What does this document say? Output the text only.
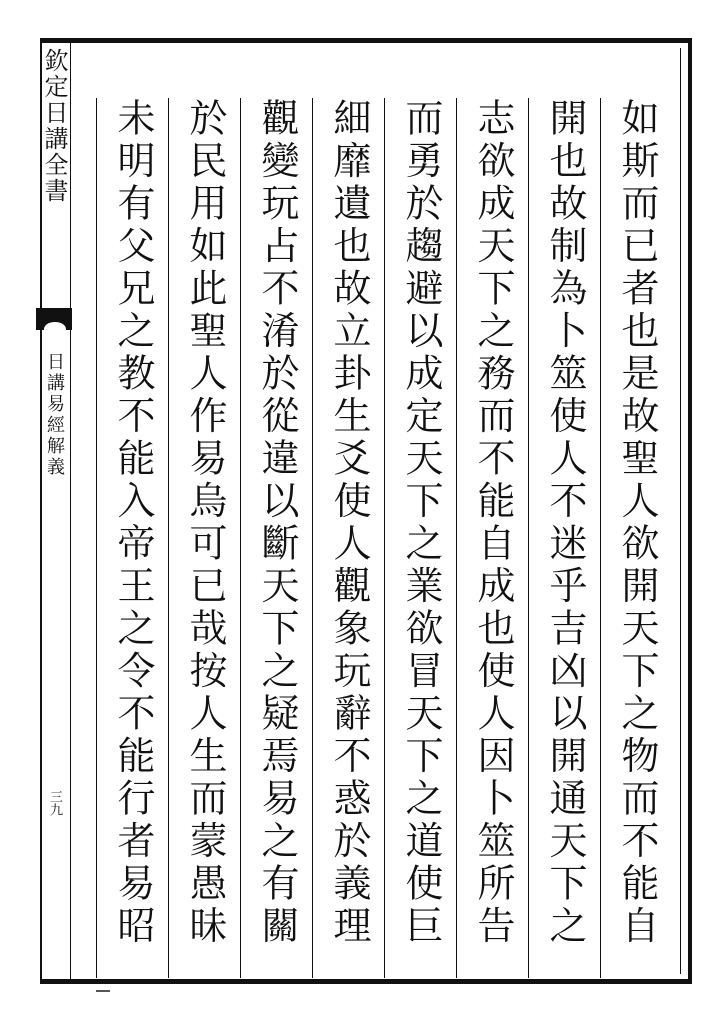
欽定日講全書
日講易經解義
三九	如斯而已者也是故聖人欲開天下之物而不能自
開也故制為卜筮使人不迷乎吉凶以開通天下之
志欲成天下之務而不能自成也使人因卜筮所告
而勇於趨避以成定天下之業欲冒天下之道使巨
細靡遺也故立卦生爻使人觀象玩辭不惑於義理
觀變玩占不淆於從違以斷天下之疑焉易之有關
於民用如此聖人作易烏可已哉按人生而蒙愚昧
未明有父兄之教不能入帝王之令不能行者易昭
